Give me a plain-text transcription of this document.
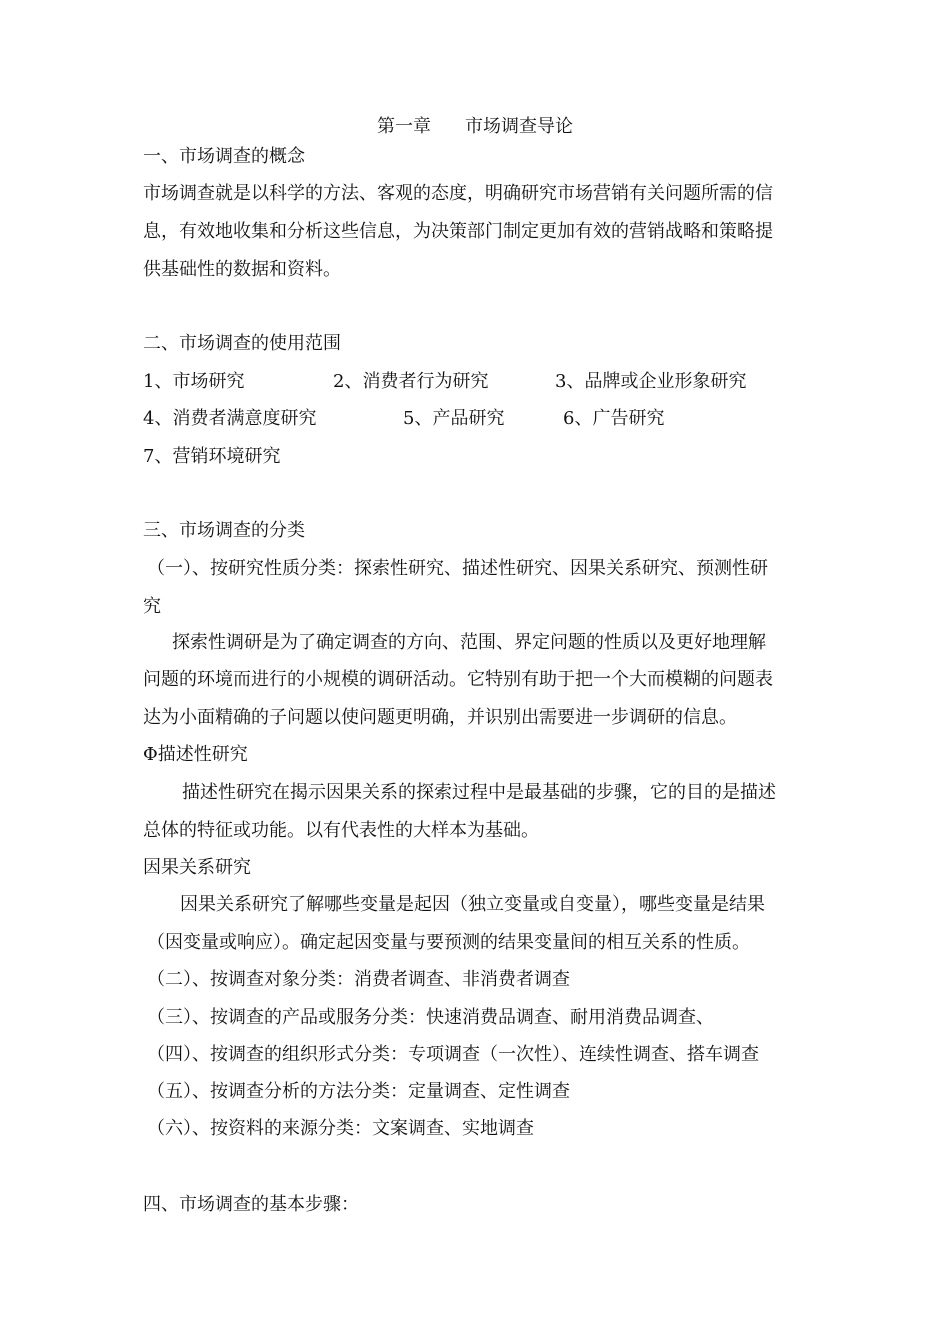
第一章 市场调查导论
一、市场调查的概念
市场调查就是以科学的方法、客观的态度，明确研究市场营销有关问题所需的信
息，有效地收集和分析这些信息，为决策部门制定更加有效的营销战略和策略提
供基础性的数据和资料。
二、市场调查的使用范围
1、市场研究	2、消费者行为研究	3、品牌或企业形象研究
4、消费者满意度研究	5、产品研究	6、广告研究
7、营销环境研究
三、市场调查的分类
（一）、按研究性质分类：探索性研究、描述性研究、因果关系研究、预测性研
究
探索性调研是为了确定调查的方向、范围、界定问题的性质以及更好地理解
问题的环境而进行的小规模的调研活动。它特别有助于把一个大而模糊的问题表
达为小面精确的子问题以使问题更明确，并识别出需要进一步调研的信息。
Φ描述性研究
描述性研究在揭示因果关系的探索过程中是最基础的步骤，它的目的是描述
总体的特征或功能。以有代表性的大样本为基础。
因果关系研究
因果关系研究了解哪些变量是起因（独立变量或自变量），哪些变量是结果
（因变量或响应）。确定起因变量与要预测的结果变量间的相互关系的性质。
（二）、按调查对象分类：消费者调查、非消费者调查
（三）、按调查的产品或服务分类：快速消费品调查、耐用消费品调查、
（四）、按调查的组织形式分类：专项调查（一次性）、连续性调查、搭车调查
（五）、按调查分析的方法分类：定量调查、定性调查
（六）、按资料的来源分类：文案调查、实地调查
四、市场调查的基本步骤：
